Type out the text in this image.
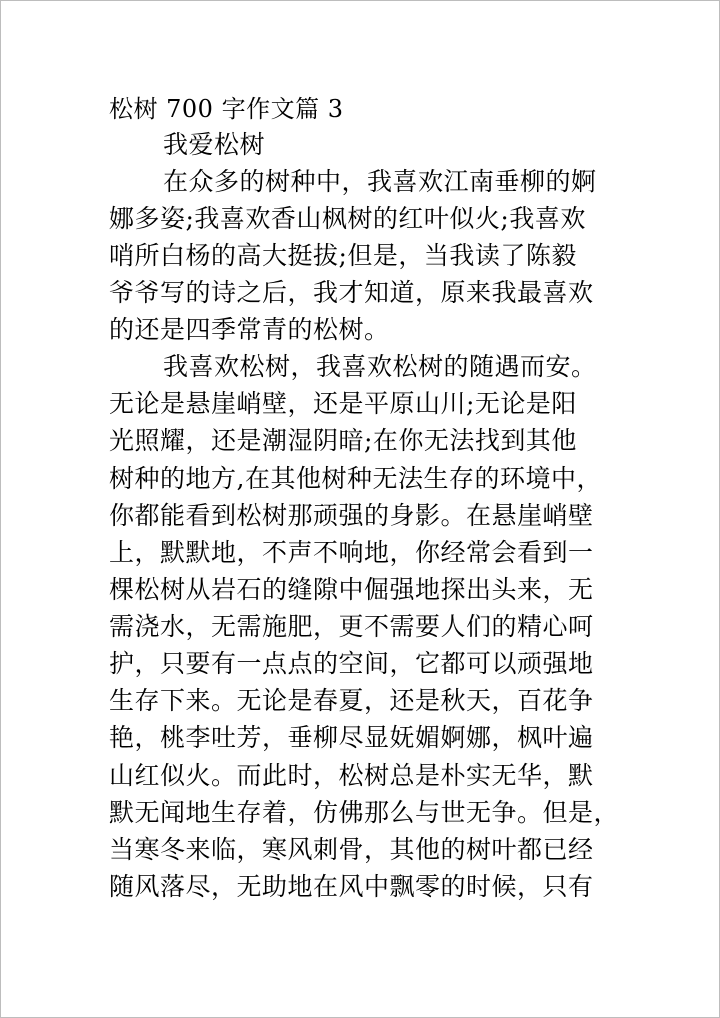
松树 700 字作文篇 3
我爱松树
在众多的树种中，我喜欢江南垂柳的婀
娜多姿;我喜欢香山枫树的红叶似火;我喜欢
哨所白杨的高大挺拔;但是，当我读了陈毅
爷爷写的诗之后，我才知道，原来我最喜欢
的还是四季常青的松树。
我喜欢松树，我喜欢松树的随遇而安。
无论是悬崖峭壁，还是平原山川;无论是阳
光照耀，还是潮湿阴暗;在你无法找到其他
树种的地方,在其他树种无法生存的环境中，
你都能看到松树那顽强的身影。在悬崖峭壁
上，默默地，不声不响地，你经常会看到一
棵松树从岩石的缝隙中倔强地探出头来，无
需浇水，无需施肥，更不需要人们的精心呵
护，只要有一点点的空间，它都可以顽强地
生存下来。无论是春夏，还是秋天，百花争
艳，桃李吐芳，垂柳尽显妩媚婀娜，枫叶遍
山红似火。而此时，松树总是朴实无华，默
默无闻地生存着，仿佛那么与世无争。但是，
当寒冬来临，寒风刺骨，其他的树叶都已经
随风落尽，无助地在风中飘零的时候，只有
